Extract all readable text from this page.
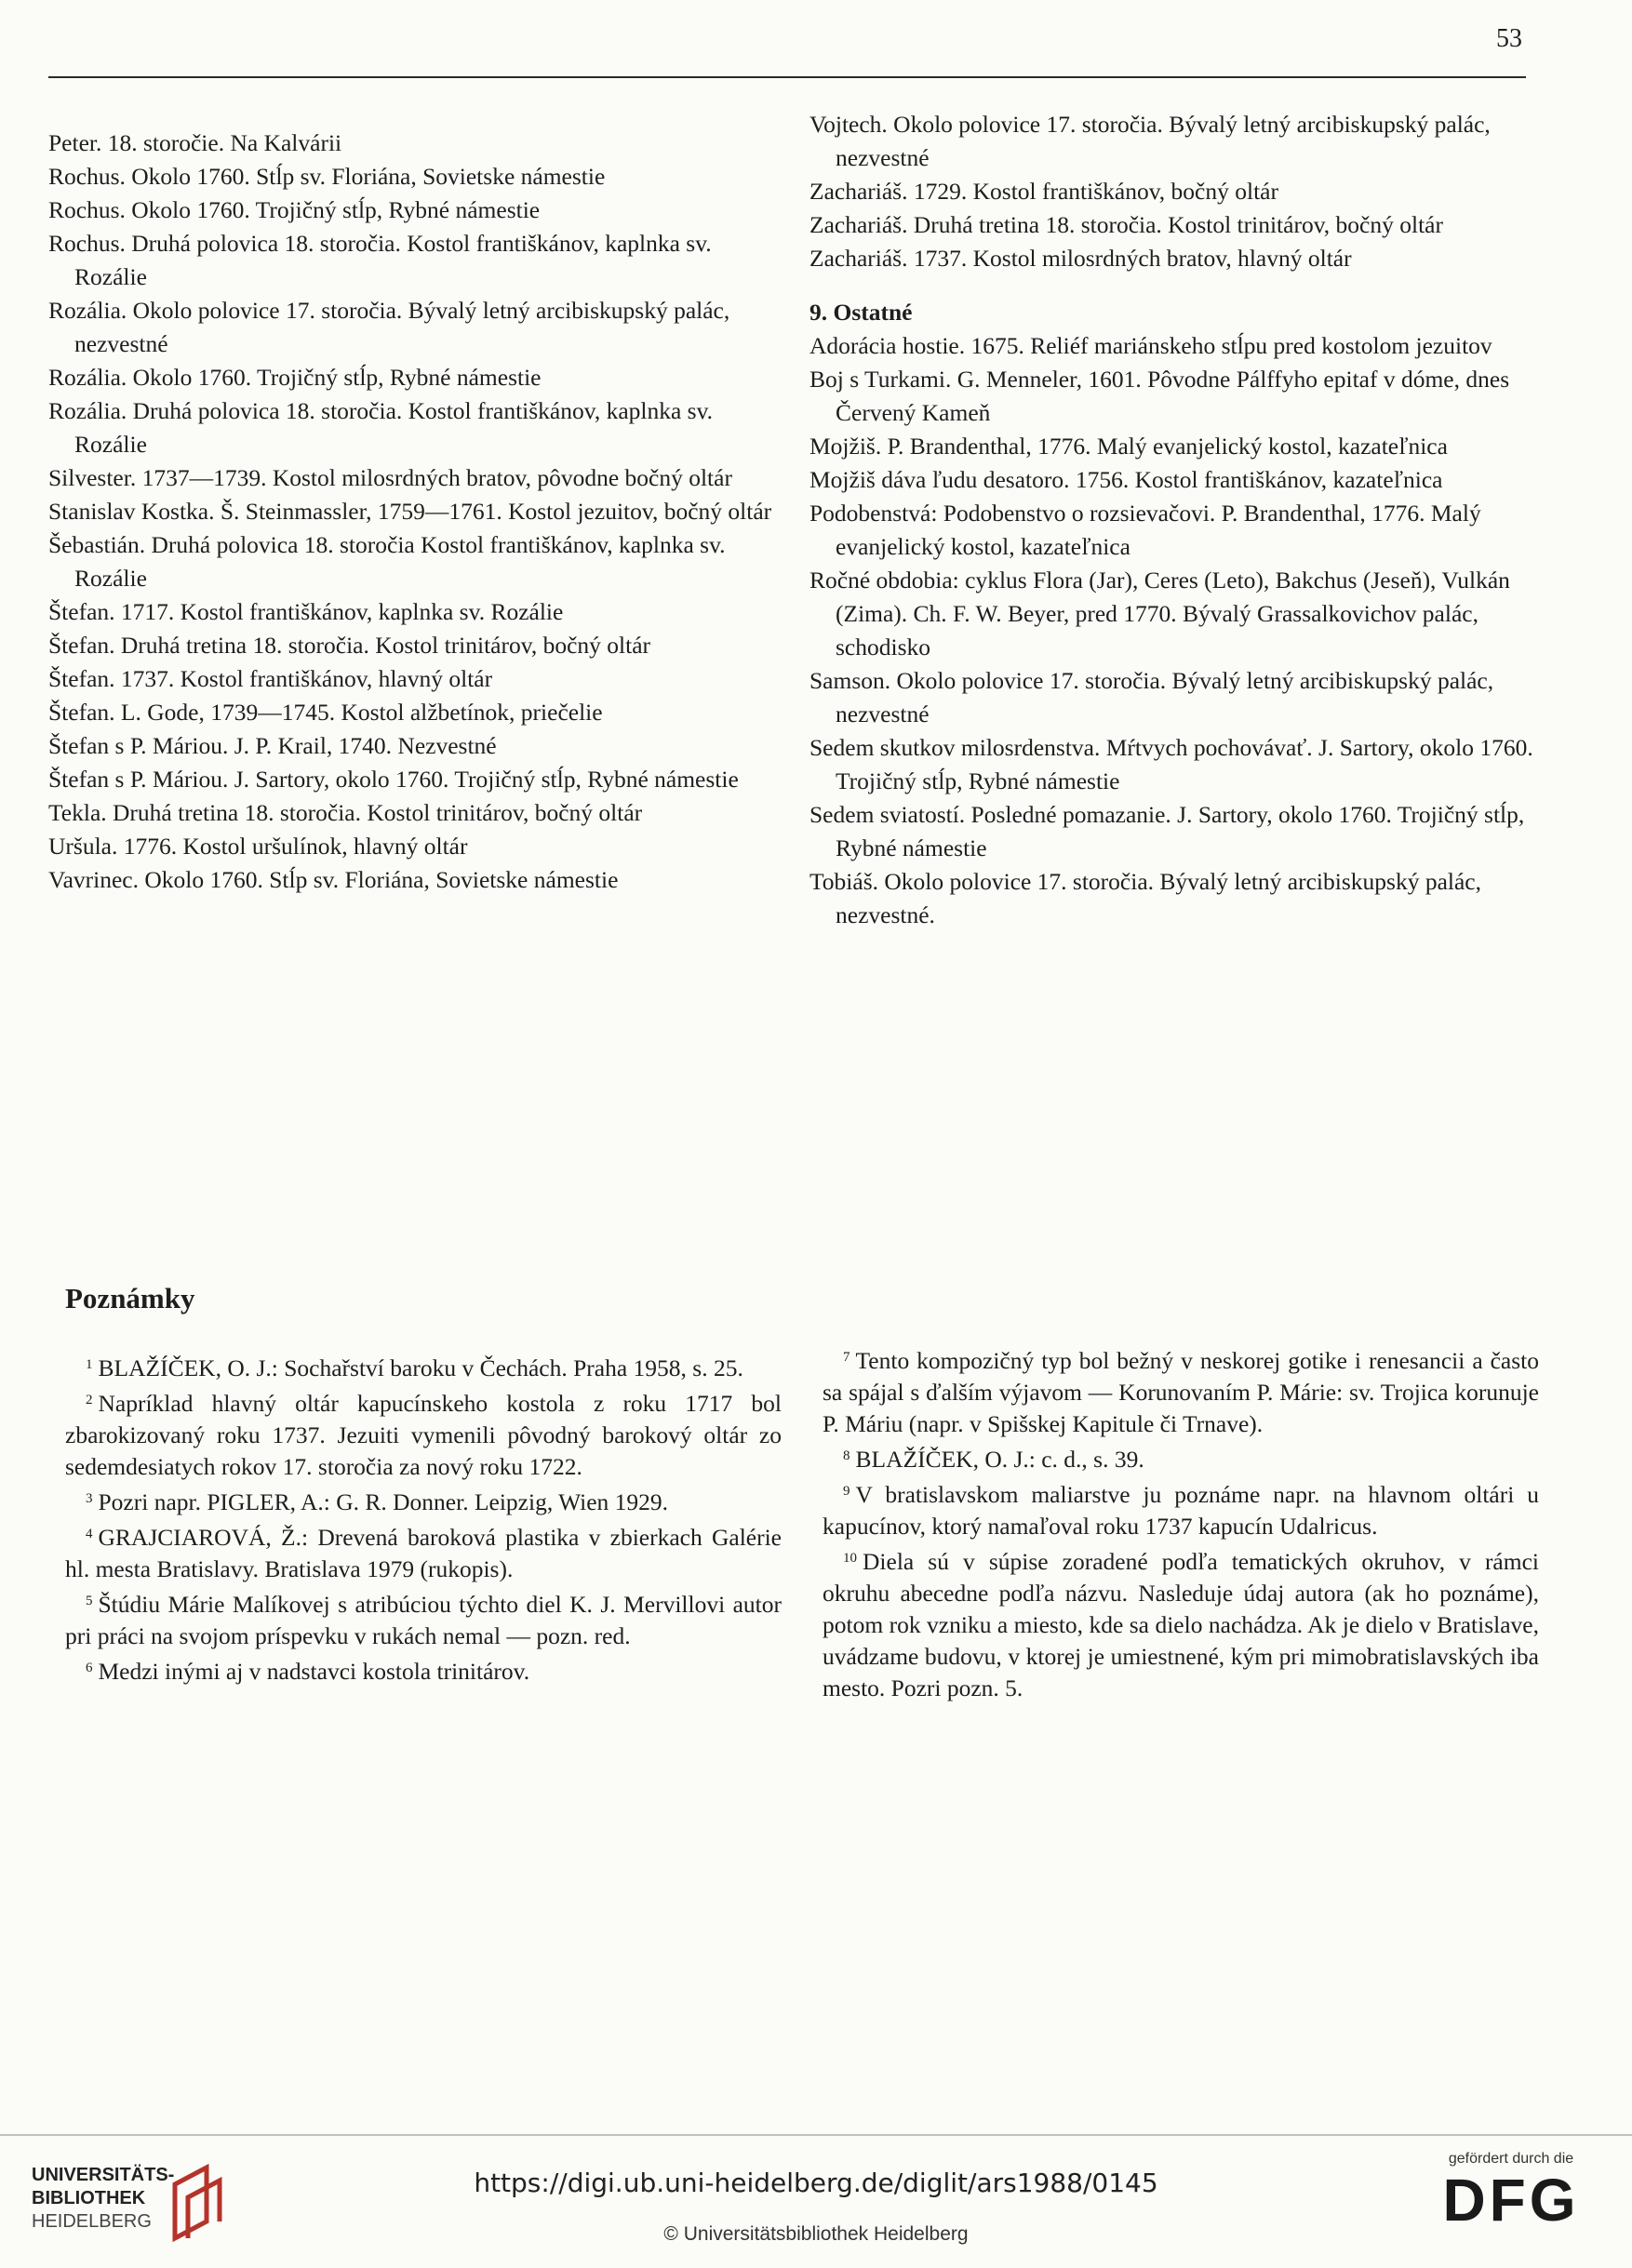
53
Peter. 18. storočie. Na Kalvárii
Rochus. Okolo 1760. Stĺp sv. Floriána, Sovietske námestie
Rochus. Okolo 1760. Trojičný stĺp, Rybné námestie
Rochus. Druhá polovica 18. storočia. Kostol františkánov, kaplnka sv. Rozálie
Rozália. Okolo polovice 17. storočia. Bývalý letný arcibiskupský palác, nezvestné
Rozália. Okolo 1760. Trojičný stĺp, Rybné námestie
Rozália. Druhá polovica 18. storočia. Kostol františkánov, kaplnka sv. Rozálie
Silvester. 1737—1739. Kostol milosrdných bratov, pôvodne bočný oltár
Stanislav Kostka. Š. Steinmassler, 1759—1761. Kostol jezuitov, bočný oltár
Šebastián. Druhá polovica 18. storočia Kostol františkánov, kaplnka sv. Rozálie
Štefan. 1717. Kostol františkánov, kaplnka sv. Rozálie
Štefan. Druhá tretina 18. storočia. Kostol trinitárov, bočný oltár
Štefan. 1737. Kostol františkánov, hlavný oltár
Štefan. L. Gode, 1739—1745. Kostol alžbetínok, priečelie
Štefan s P. Máriou. J. P. Krail, 1740. Nezvestné
Štefan s P. Máriou. J. Sartory, okolo 1760. Trojičný stĺp, Rybné námestie
Tekla. Druhá tretina 18. storočia. Kostol trinitárov, bočný oltár
Uršula. 1776. Kostol uršulínok, hlavný oltár
Vavrinec. Okolo 1760. Stĺp sv. Floriána, Sovietske námestie
Vojtech. Okolo polovice 17. storočia. Bývalý letný arcibiskupský palác, nezvestné
Zachariáš. 1729. Kostol františkánov, bočný oltár
Zachariáš. Druhá tretina 18. storočia. Kostol trinitárov, bočný oltár
Zachariáš. 1737. Kostol milosrdných bratov, hlavný oltár
9. Ostatné
Adorácia hostie. 1675. Reliéf mariánskeho stĺpu pred kostolom jezuitov
Boj s Turkami. G. Menneler, 1601. Pôvodne Pálffyho epitaf v dóme, dnes Červený Kameň
Mojžiš. P. Brandenthal, 1776. Malý evanjelický kostol, kazateľnica
Mojžiš dáva ľudu desatoro. 1756. Kostol františkánov, kazateľnica
Podobenstvá: Podobenstvo o rozsievačovi. P. Brandenthal, 1776. Malý evanjelický kostol, kazateľnica
Ročné obdobia: cyklus Flora (Jar), Ceres (Leto), Bakchus (Jeseň), Vulkán (Zima). Ch. F. W. Beyer, pred 1770. Bývalý Grassalkovichov palác, schodisko
Samson. Okolo polovice 17. storočia. Bývalý letný arcibiskupský palác, nezvestné
Sedem skutkov milosrdenstva. Mŕtvych pochovávať. J. Sartory, okolo 1760. Trojičný stĺp, Rybné námestie
Sedem sviatostí. Posledné pomazanie. J. Sartory, okolo 1760. Trojičný stĺp, Rybné námestie
Tobiáš. Okolo polovice 17. storočia. Bývalý letný arcibiskupský palác, nezvestné.
Poznámky

$^1$ BLAŽÍČEK, O. J.: Sochařství baroku v Čechách. Praha 1958, s. 25.

$^2$ Napríklad hlavný oltár kapucínskeho kostola z roku 1717 bol zbarokizovaný roku 1737. Jezuiti vymenili pôvodný barokový oltár zo sedemdesiatych rokov 17. storočia za nový roku 1722.

$^3$ Pozri napr. PIGLER, A.: G. R. Donner. Leipzig, Wien 1929.

$^4$ GRAJCIAROVÁ, Ž.: Drevená baroková plastika v zbierkach Galérie hl. mesta Bratislavy. Bratislava 1979 (rukopis).

$^5$ Štúdiu Márie Malíkovej s atribúciou týchto diel K. J. Mervillovi autor pri práci na svojom príspevku v rukách nemal — pozn. red.

$^6$ Medzi inými aj v nadstavci kostola trinitárov.

$^7$ Tento kompozičný typ bol bežný v neskorej gotike i renesancii a často sa spájal s ďalším výjavom — Korunovaním P. Márie: sv. Trojica korunuje P. Máriu (napr. v Spišskej Kapitule či Trnave).

$^8$ BLAŽÍČEK, O. J.: c. d., s. 39.

$^9$ V bratislavskom maliarstve ju poznáme napr. na hlavnom oltári u kapucínov, ktorý namaľoval roku 1737 kapucín Udalricus.

$^{10}$ Diela sú v súpise zoradené podľa tematických okruhov, v rámci okruhu abecedne podľa názvu. Nasleduje údaj autora (ak ho poznáme), potom rok vzniku a miesto, kde sa dielo nachádza. Ak je dielo v Bratislave, uvádzame budovu, v ktorej je umiestnené, kým pri mimobratislavských iba mesto. Pozri pozn. 5.

UNIVERSITÄTS-
BIBLIOTHEK
HEIDELBERG
https://digi.ub.uni-heidelberg.de/diglit/ars1988/0145
© Universitätsbibliothek Heidelberg
gefördert durch die
DFG
